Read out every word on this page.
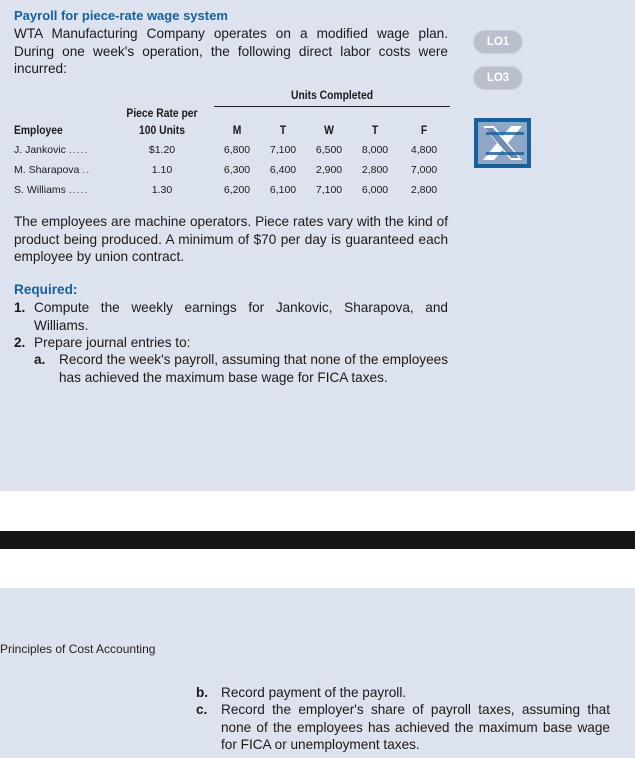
Payroll for piece-rate wage system
WTA Manufacturing Company operates on a modified wage plan. During one week's operation, the following direct labor costs were incurred:
LO1
LO3

		Units Completed				

	Piece Rate per					

Employee	100 Units	M	T	W	T	F

J. Jankovic .....	$1.20	6,800	7,100	6,500	8,000	4,800
M. Sharapova ..	1.10	6,300	6,400	2,900	2,800	7,000
S. Williams .....	1.30	6,200	6,100	7,100	6,000	2,800
The employees are machine operators. Piece rates vary with the kind of product being produced. A minimum of $70 per day is guaranteed each employee by union contract.
Required:
1. Compute the weekly earnings for Jankovic, Sharapova, and Williams.
2. Prepare journal entries to:
a. Record the week's payroll, assuming that none of the employees has achieved the maximum base wage for FICA taxes.
b. Record payment of the payroll.
c. Record the employer's share of payroll taxes, assuming that none of the employees has achieved the maximum base wage for FICA or unemployment taxes.
Principles of Cost Accounting
